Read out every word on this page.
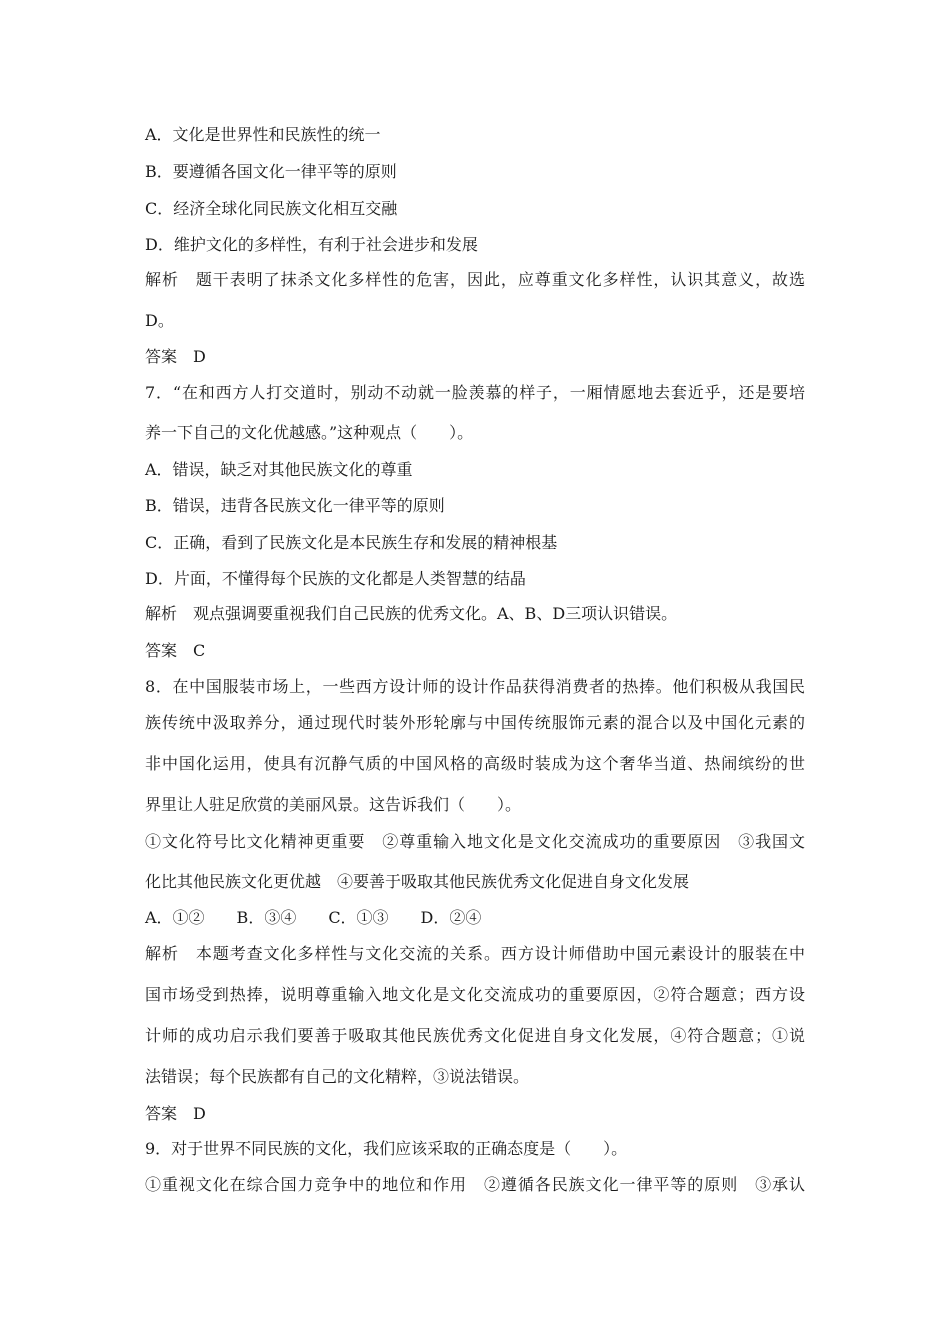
A．文化是世界性和民族性的统一
B．要遵循各国文化一律平等的原则
C．经济全球化同民族文化相互交融
D．维护文化的多样性，有利于社会进步和发展
解析　题干表明了抹杀文化多样性的危害，因此，应尊重文化多样性，认识其意义，故选
D。
答案　D
7．“在和西方人打交道时，别动不动就一脸羡慕的样子，一厢情愿地去套近乎，还是要培
养一下自己的文化优越感。”这种观点（　　）。
A．错误，缺乏对其他民族文化的尊重
B．错误，违背各民族文化一律平等的原则
C．正确，看到了民族文化是本民族生存和发展的精神根基
D．片面，不懂得每个民族的文化都是人类智慧的结晶
解析　观点强调要重视我们自己民族的优秀文化。A、B、D三项认识错误。
答案　C
8．在中国服装市场上，一些西方设计师的设计作品获得消费者的热捧。他们积极从我国民
族传统中汲取养分，通过现代时装外形轮廓与中国传统服饰元素的混合以及中国化元素的
非中国化运用，使具有沉静气质的中国风格的高级时装成为这个奢华当道、热闹缤纷的世
界里让人驻足欣赏的美丽风景。这告诉我们（　　）。
①文化符号比文化精神更重要　②尊重输入地文化是文化交流成功的重要原因　③我国文
化比其他民族文化更优越　④要善于吸取其他民族优秀文化促进自身文化发展
A．①②　　B．③④　　C．①③　　D．②④
解析　本题考查文化多样性与文化交流的关系。西方设计师借助中国元素设计的服装在中
国市场受到热捧，说明尊重输入地文化是文化交流成功的重要原因，②符合题意；西方设
计师的成功启示我们要善于吸取其他民族优秀文化促进自身文化发展，④符合题意；①说
法错误；每个民族都有自己的文化精粹，③说法错误。
答案　D
9．对于世界不同民族的文化，我们应该采取的正确态度是（　　）。
①重视文化在综合国力竞争中的地位和作用　②遵循各民族文化一律平等的原则　③承认
